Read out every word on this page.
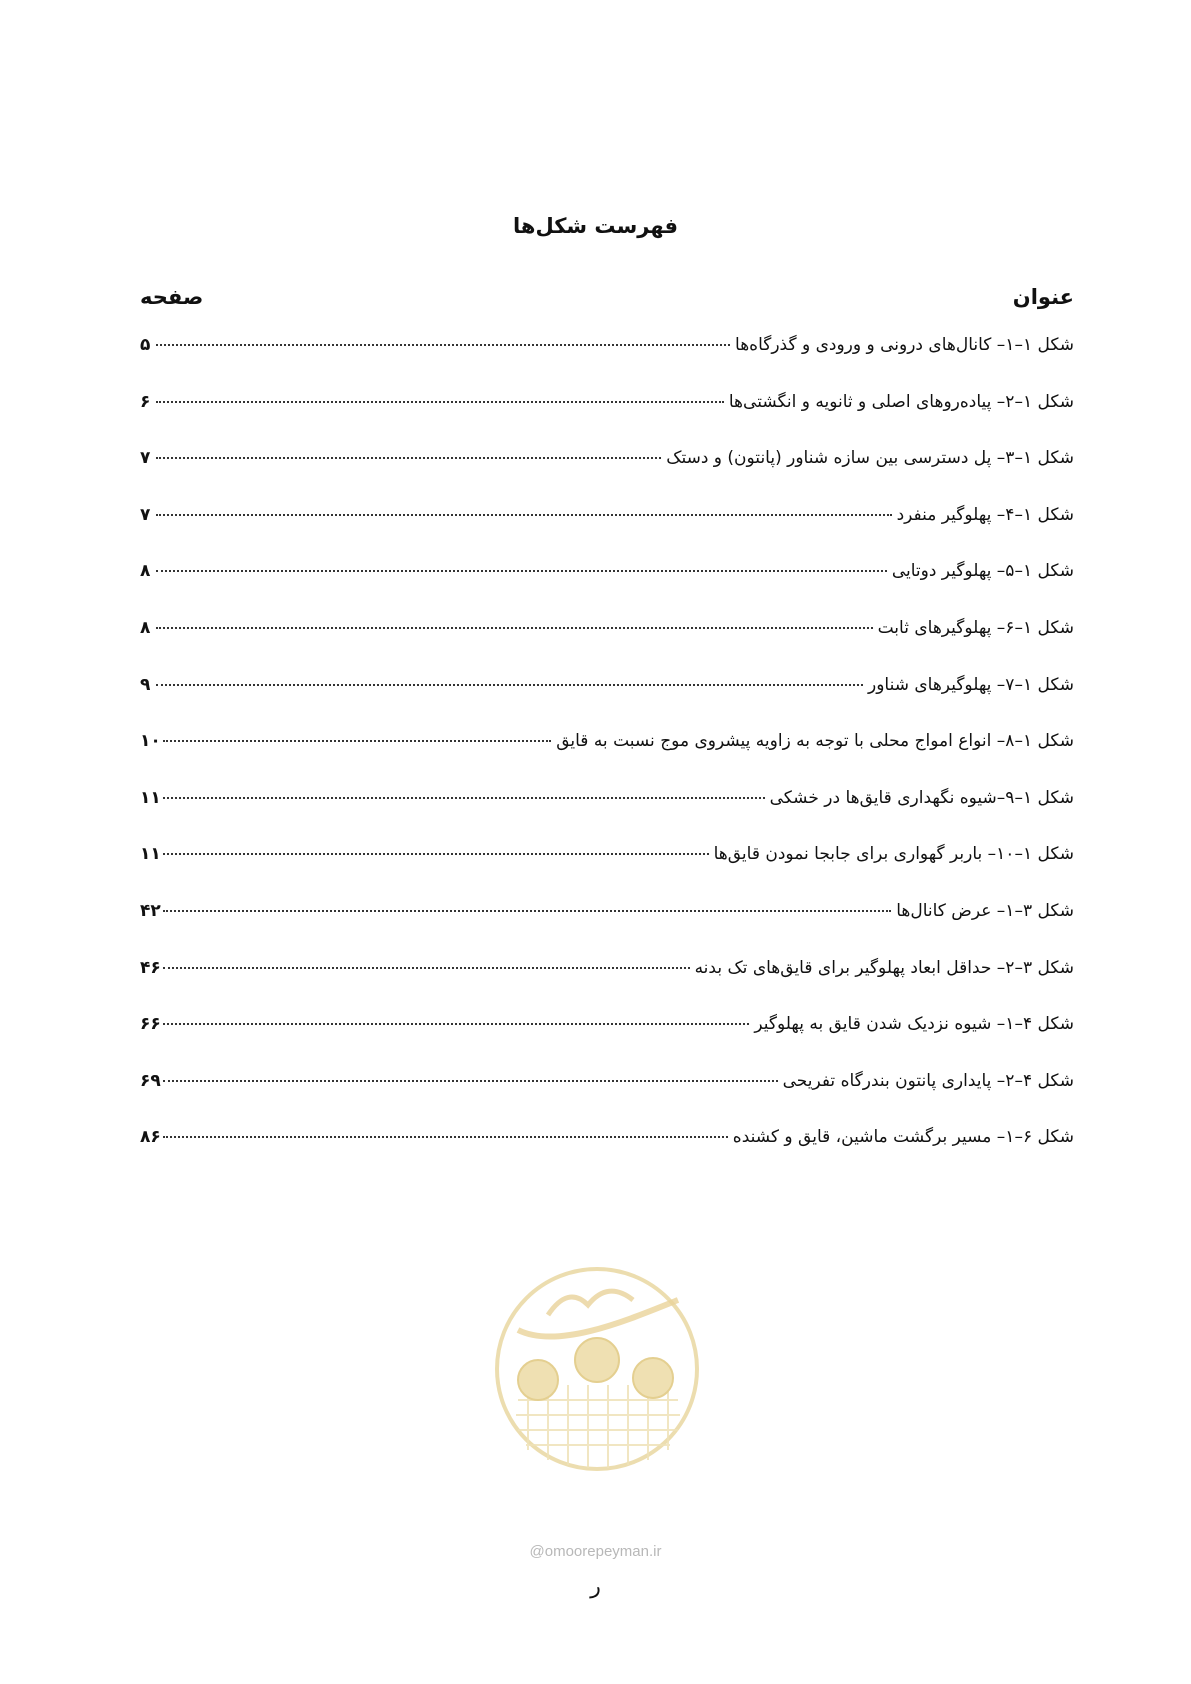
فهرست شکل‌ها
عنوان
صفحه
شکل ۱–۱– کانال‌های درونی و ورودی و گذرگاه‌ها
۵
شکل ۱–۲– پیاده‌روهای اصلی و ثانویه و انگشتی‌ها
۶
شکل ۱–۳– پل دسترسی بین سازه شناور (پانتون) و دستک
۷
شکل ۱–۴– پهلوگیر منفرد
۷
شکل ۱–۵– پهلوگیر دوتایی
۸
شکل ۱–۶– پهلوگیرهای ثابت
۸
شکل ۱–۷– پهلوگیرهای شناور
۹
شکل ۱–۸– انواع امواج محلی با توجه به زاویه پیشروی موج نسبت به قایق
۱۰
شکل ۱–۹–شیوه نگهداری قایق‌ها در خشکی
۱۱
شکل ۱–۱۰– باربر گهواری برای جابجا نمودن قایق‌ها
۱۱
شکل ۳–۱– عرض کانال‌ها
۴۲
شکل ۳–۲– حداقل ابعاد پهلوگیر برای قایق‌های تک بدنه
۴۶
شکل ۴–۱– شیوه نزدیک شدن قایق به پهلوگیر
۶۶
شکل ۴–۲– پایداری پانتون بندرگاه تفریحی
۶۹
شکل ۶–۱– مسیر برگشت ماشین، قایق و کشنده
۸۶
@omoorepeyman.ir
ر
